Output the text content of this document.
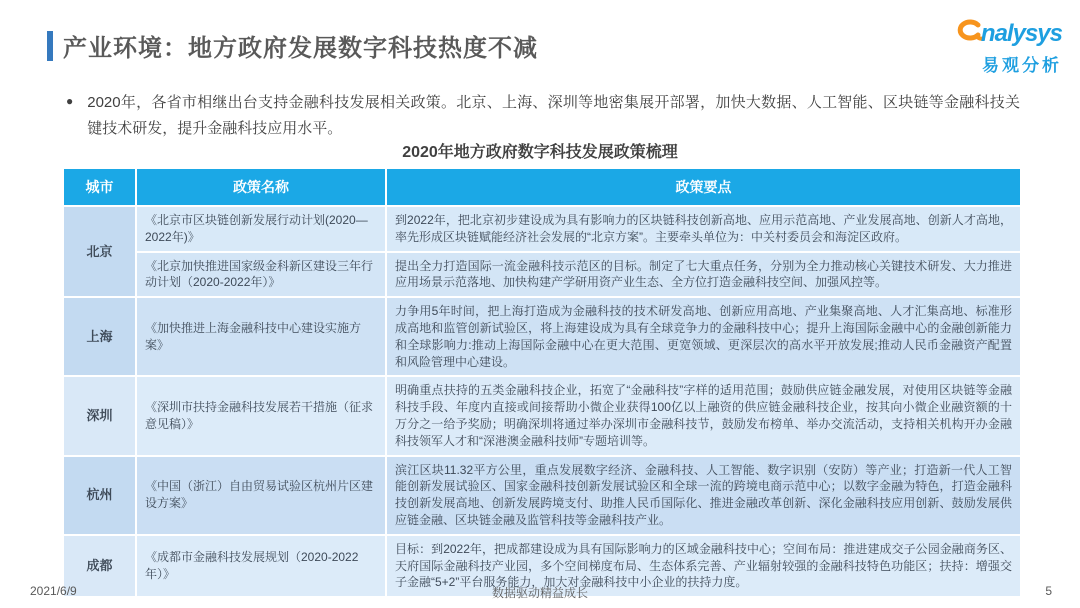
产业环境：地方政府发展数字科技热度不减
nalysys
易观分析
● 2020年，各省市相继出台支持金融科技发展相关政策。北京、上海、深圳等地密集展开部署，加快大数据、人工智能、区块链等金融科技关键技术研发，提升金融科技应用水平。
2020年地方政府数字科技发展政策梳理
城市	政策名称	政策要点
北京	《北京市区块链创新发展行动计划(2020—2022年)》	到2022年，把北京初步建设成为具有影响力的区块链科技创新高地、应用示范高地、产业发展高地、创新人才高地，率先形成区块链赋能经济社会发展的“北京方案”。主要牵头单位为：中关村委员会和海淀区政府。
	《北京加快推进国家级金科新区建设三年行动计划（2020-2022年）》	提出全力打造国际一流金融科技示范区的目标。制定了七大重点任务，分别为全力推动核心关键技术研发、大力推进应用场景示范落地、加快构建产学研用资产业生态、全方位打造金融科技空间、加强风控等。
上海	《加快推进上海金融科技中心建设实施方案》	力争用5年时间，把上海打造成为金融科技的技术研发高地、创新应用高地、产业集聚高地、人才汇集高地、标准形成高地和监管创新试验区，将上海建设成为具有全球竞争力的金融科技中心；提升上海国际金融中心的金融创新能力和全球影响力:推动上海国际金融中心在更大范围、更宽领域、更深层次的高水平开放发展;推动人民币金融资产配置和风险管理中心建设。
深圳	《深圳市扶持金融科技发展若干措施（征求意见稿）》	明确重点扶持的五类金融科技企业，拓宽了“金融科技”字样的适用范围；鼓励供应链金融发展，对使用区块链等金融科技手段、年度内直接或间接帮助小微企业获得100亿以上融资的供应链金融科技企业，按其向小微企业融资额的十万分之一给予奖励；明确深圳将通过举办深圳市金融科技节，鼓励发布榜单、举办交流活动，支持相关机构开办金融科技领军人才和“深港澳金融科技师”专题培训等。
杭州	《中国（浙江）自由贸易试验区杭州片区建设方案》	滨江区块11.32平方公里，重点发展数字经济、金融科技、人工智能、数字识别（安防）等产业；打造新一代人工智能创新发展试验区、国家金融科技创新发展试验区和全球一流的跨境电商示范中心；以数字金融为特色，打造金融科技创新发展高地、创新发展跨境支付、助推人民币国际化、推进金融改革创新、深化金融科技应用创新、鼓励发展供应链金融、区块链金融及监管科技等金融科技产业。
成都	《成都市金融科技发展规划（2020-2022年）》	目标：到2022年，把成都建设成为具有国际影响力的区域金融科技中心；空间布局：推进建成交子公园金融商务区、天府国际金融科技产业园，多个空间梯度布局、生态体系完善、产业辐射较强的金融科技特色功能区；扶持：增强交子金融“5+2”平台服务能力，加大对金融科技中小企业的扶持力度。
2021/6/9	数据驱动精益成长	5
